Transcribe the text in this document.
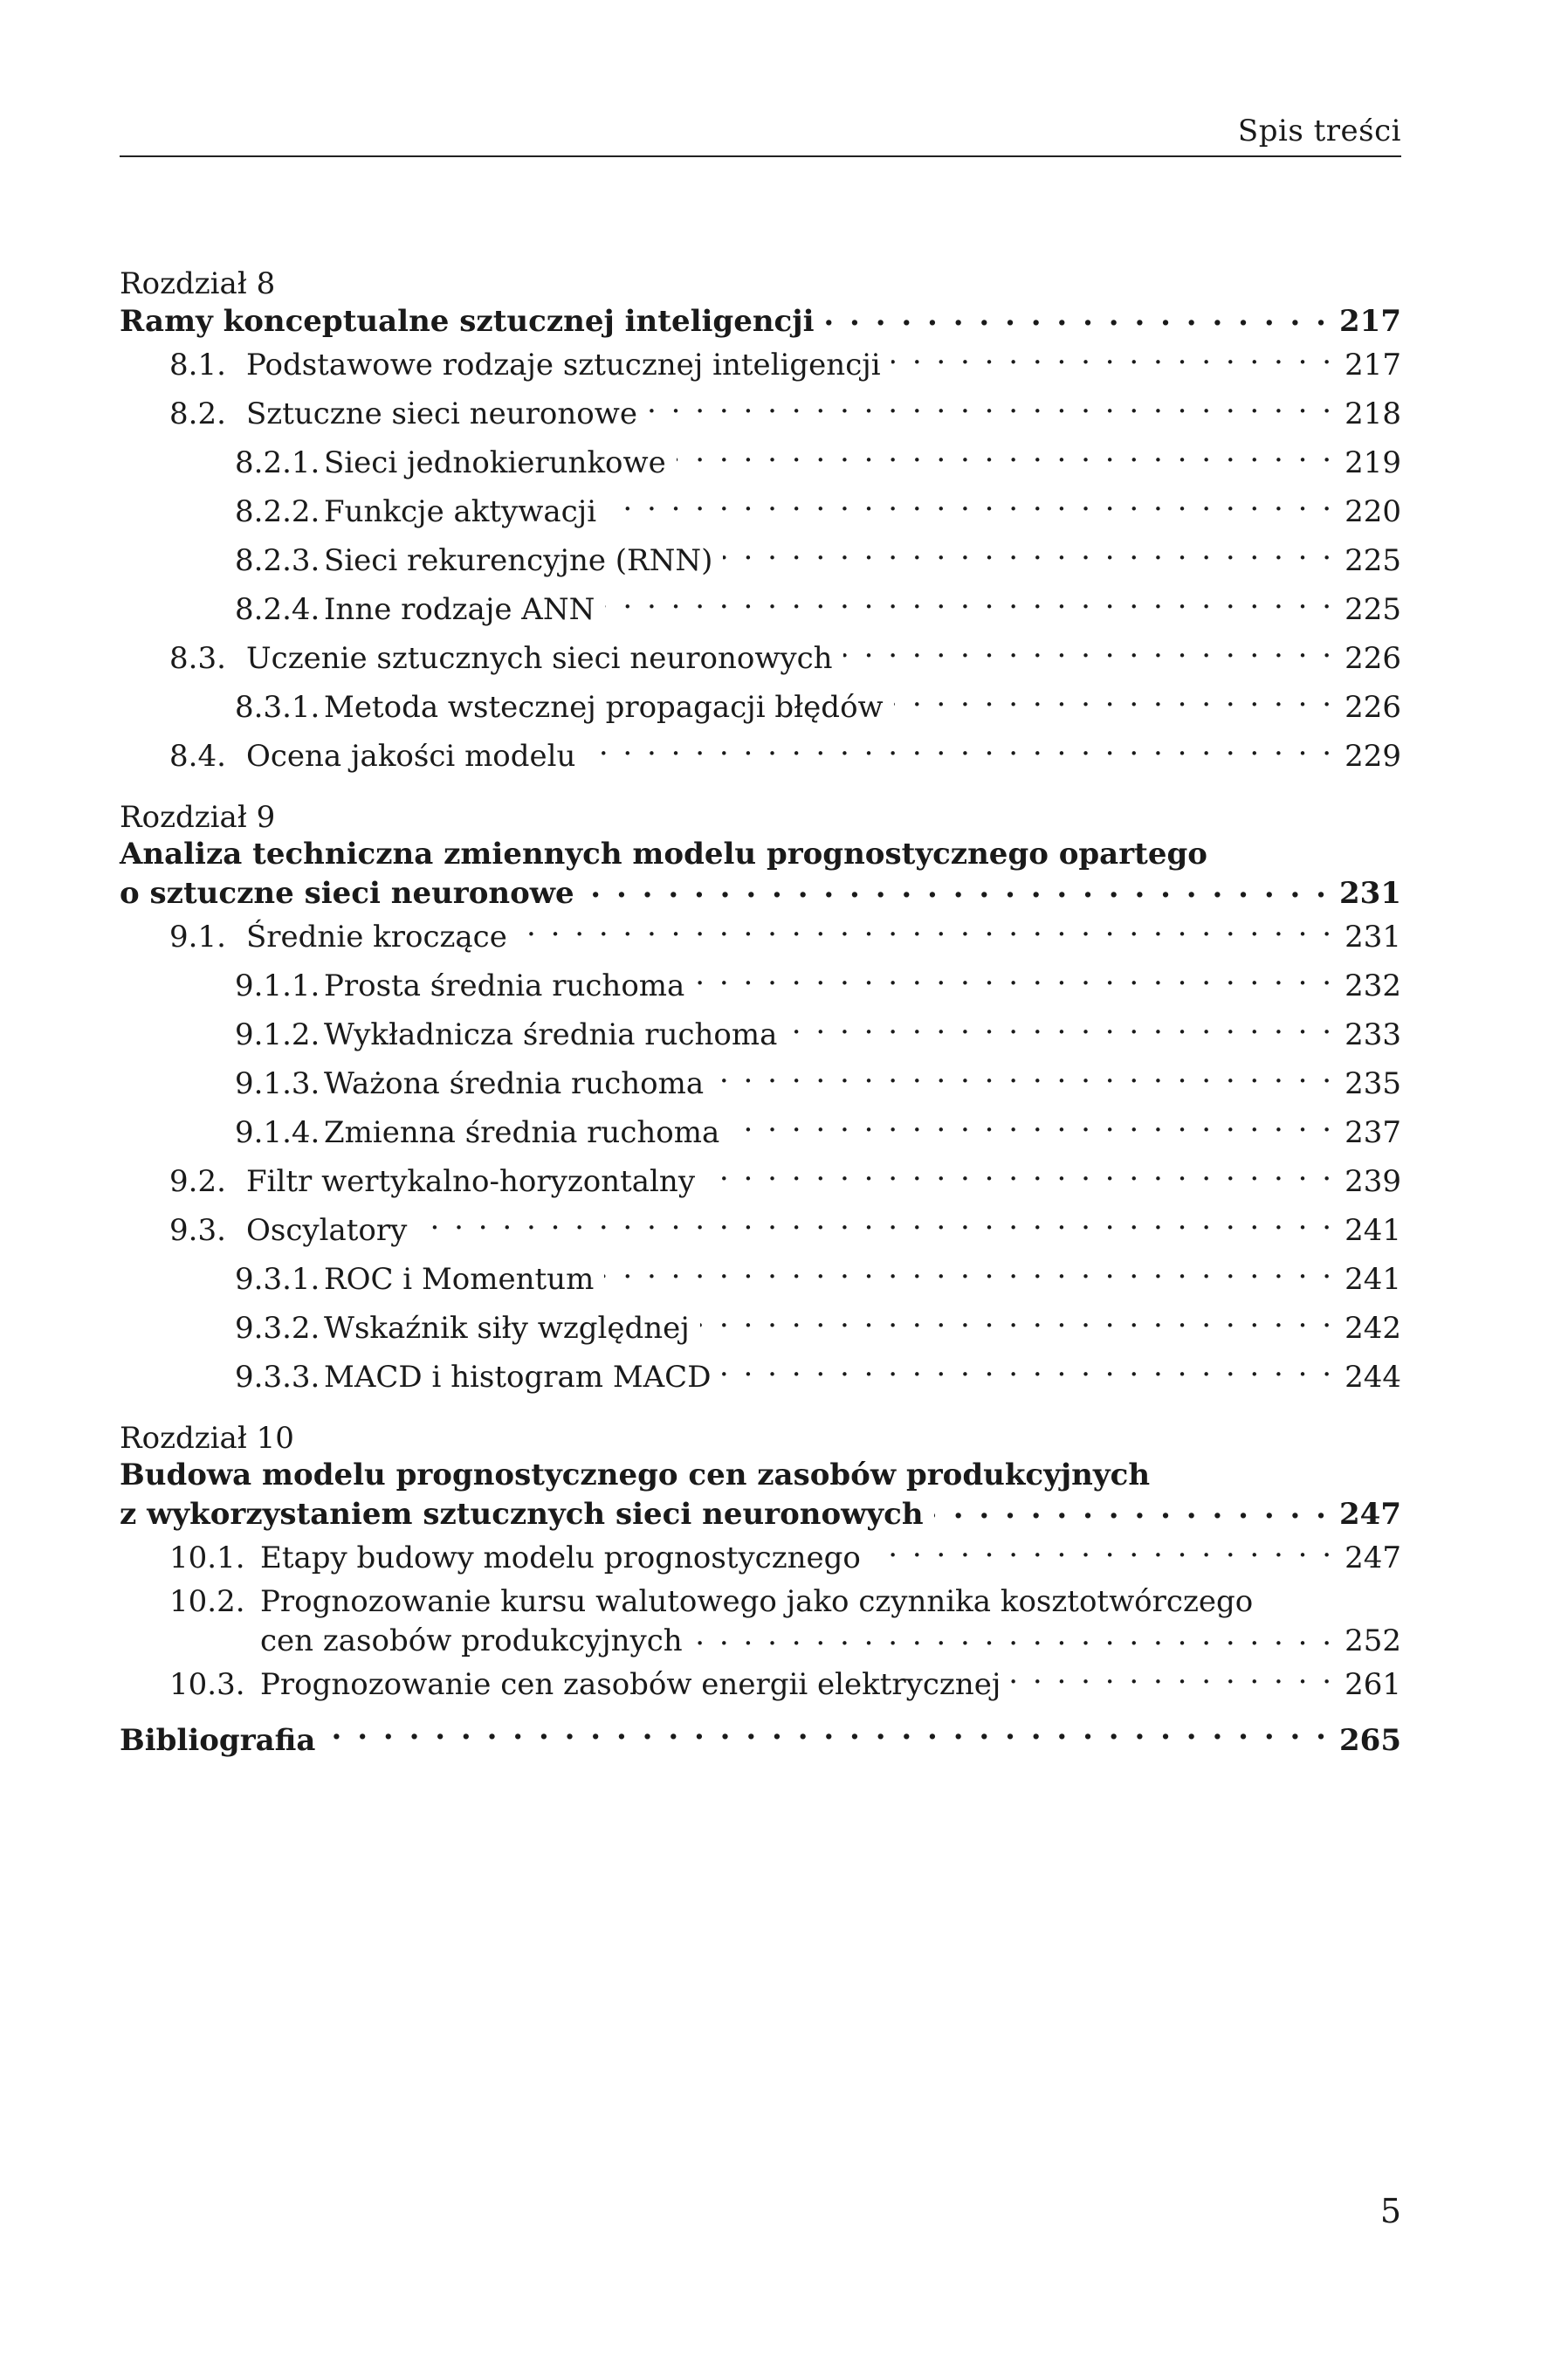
Spis treści
Rozdział 8
Ramy konceptualne sztucznej inteligencji . . .	217
8.1. Podstawowe rodzaje sztucznej inteligencji . . .	217
8.2. Sztuczne sieci neuronowe . . .	218
8.2.1. Sieci jednokierunkowe . . .	219
8.2.2. Funkcje aktywacji . . .	220
8.2.3. Sieci rekurencyjne (RNN) . . .	225
8.2.4. Inne rodzaje ANN . . .	225
8.3. Uczenie sztucznych sieci neuronowych . . .	226
8.3.1. Metoda wstecznej propagacji błędów . . .	226
8.4. Ocena jakości modelu . . .	229
Rozdział 9
Analiza techniczna zmiennych modelu prognostycznego opartego
o sztuczne sieci neuronowe . . .	231
9.1. Średnie kroczące . . .	231
9.1.1. Prosta średnia ruchoma . . .	232
9.1.2. Wykładnicza średnia ruchoma . . .	233
9.1.3. Ważona średnia ruchoma . . .	235
9.1.4. Zmienna średnia ruchoma . . .	237
9.2. Filtr wertykalno-horyzontalny . . .	239
9.3. Oscylatory . . .	241
9.3.1. ROC i Momentum . . .	241
9.3.2. Wskaźnik siły względnej . . .	242
9.3.3. MACD i histogram MACD . . .	244
Rozdział 10
Budowa modelu prognostycznego cen zasobów produkcyjnych
z wykorzystaniem sztucznych sieci neuronowych . . .	247
10.1. Etapy budowy modelu prognostycznego . . .	247
10.2. Prognozowanie kursu walutowego jako czynnika kosztotwórczego
cen zasobów produkcyjnych . . .	252
10.3. Prognozowanie cen zasobów energii elektrycznej . . .	261
Bibliografia . . .	265
5
